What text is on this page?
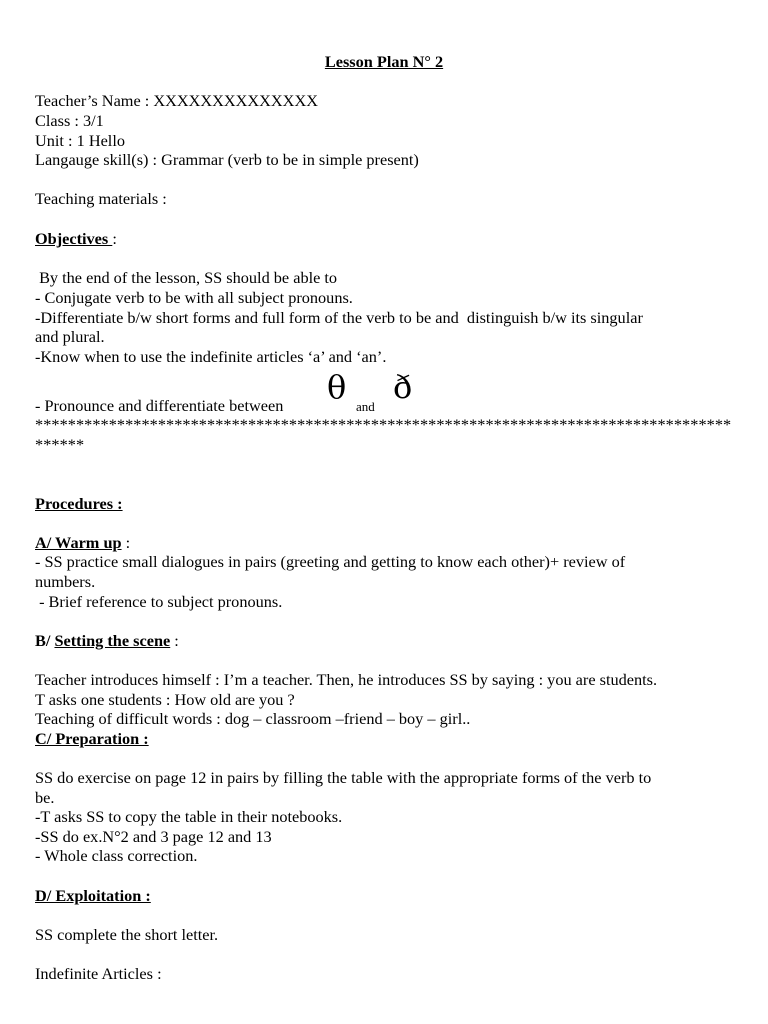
Lesson Plan N° 2
Teacher’s Name : XXXXXXXXXXXXXX
Class : 3/1
Unit : 1 Hello
Langauge skill(s) : Grammar (verb to be in simple present)
Teaching materials :
Objectives :
By the end of the lesson, SS should be able to
- Conjugate verb to be with all subject pronouns.
-Differentiate b/w short forms and full form of the verb to be and  distinguish b/w its singular
and plural.
-Know when to use the indefinite articles ‘a’ and ‘an’.
- Pronounce and differentiate between θ
and
ð
*******************************************************************************************
Procedures :
A/ Warm up :
- SS practice small dialogues in pairs (greeting and getting to know each other)+ review of
numbers.
- Brief reference to subject pronouns.
B/ Setting the scene :
Teacher introduces himself : I’m a teacher. Then, he introduces SS by saying : you are students.
T asks one students : How old are you ?
Teaching of difficult words : dog – classroom –friend – boy – girl..
C/ Preparation :
SS do exercise on page 12 in pairs by filling the table with the appropriate forms of the verb to
be.
-T asks SS to copy the table in their notebooks.
-SS do ex.N°2 and 3 page 12 and 13
- Whole class correction.
D/ Exploitation :
SS complete the short letter.
Indefinite Articles :
